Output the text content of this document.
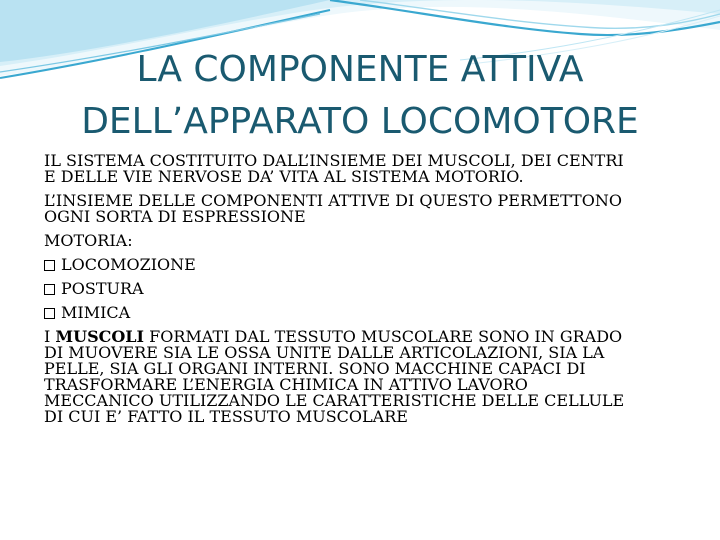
LA COMPONENTE ATTIVA
DELL’APPARATO LOCOMOTORE

IL SISTEMA COSTITUITO DALL’INSIEME DEI MUSCOLI, DEI CENTRI
E DELLE VIE NERVOSE DA’ VITA AL SISTEMA MOTORIO.

L’INSIEME DELLE COMPONENTI ATTIVE DI QUESTO PERMETTONO
OGNI SORTA DI ESPRESSIONE

MOTORIA:

LOCOMOZIONE

POSTURA

MIMICA

I MUSCOLI FORMATI DAL TESSUTO MUSCOLARE SONO IN GRADO
DI MUOVERE SIA LE OSSA UNITE DALLE ARTICOLAZIONI, SIA LA
PELLE, SIA GLI ORGANI INTERNI. SONO MACCHINE CAPACI DI
TRASFORMARE L’ENERGIA CHIMICA IN ATTIVO LAVORO
MECCANICO UTILIZZANDO LE CARATTERISTICHE DELLE CELLULE
DI CUI E’ FATTO IL TESSUTO MUSCOLARE
